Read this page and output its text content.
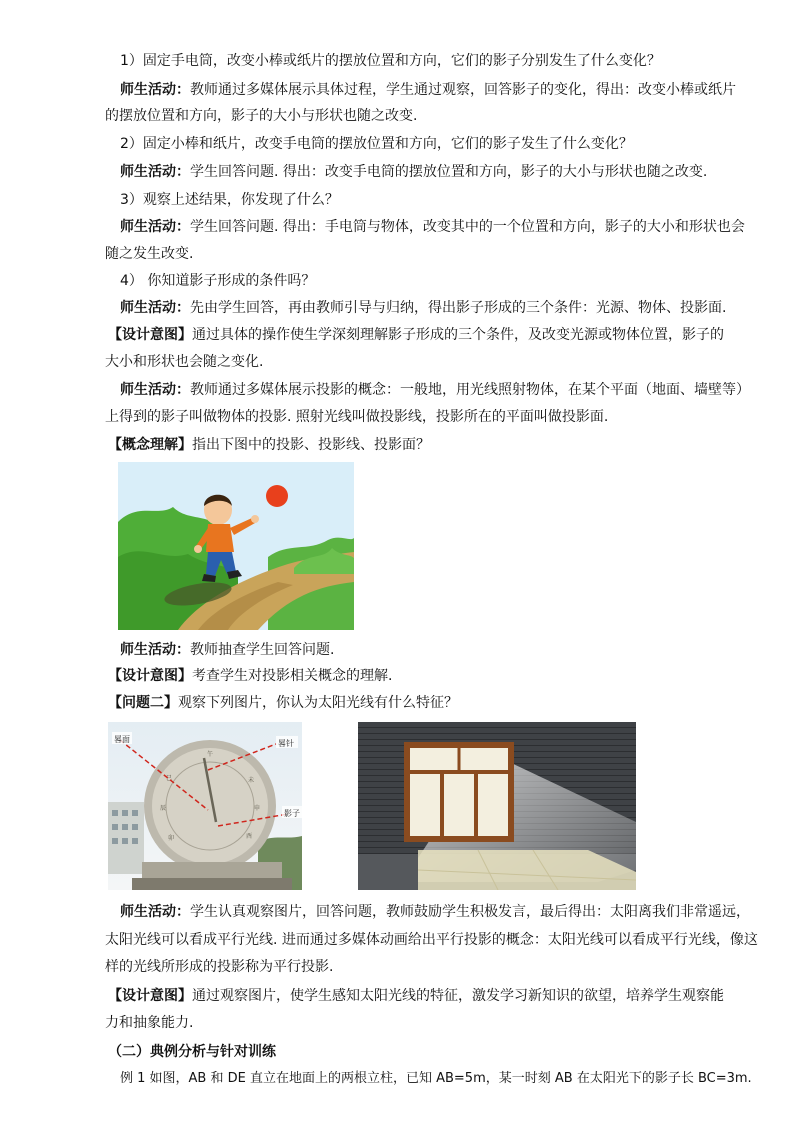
1）固定手电筒，改变小棒或纸片的摆放位置和方向，它们的影子分别发生了什么变化？
师生活动：教师通过多媒体展示具体过程，学生通过观察，回答影子的变化，得出：改变小棒或纸片
的摆放位置和方向，影子的大小与形状也随之改变.
2）固定小棒和纸片，改变手电筒的摆放位置和方向，它们的影子发生了什么变化？
师生活动：学生回答问题. 得出：改变手电筒的摆放位置和方向，影子的大小与形状也随之改变.
3）观察上述结果，你发现了什么？
师生活动：学生回答问题. 得出：手电筒与物体，改变其中的一个位置和方向，影子的大小和形状也会
随之发生改变.
4） 你知道影子形成的条件吗？
师生活动：先由学生回答，再由教师引导与归纳，得出影子形成的三个条件：光源、物体、投影面.
【设计意图】通过具体的操作使生学深刻理解影子形成的三个条件，及改变光源或物体位置，影子的
大小和形状也会随之变化.
师生活动：教师通过多媒体展示投影的概念：一般地，用光线照射物体，在某个平面（地面、墙壁等）
上得到的影子叫做物体的投影. 照射光线叫做投影线，投影所在的平面叫做投影面.
【概念理解】指出下图中的投影、投影线、投影面？
师生活动：教师抽查学生回答问题.
【设计意图】考查学生对投影相关概念的理解.
【问题二】观察下列图片，你认为太阳光线有什么特征？
午
未
申
酉
巳
辰
卯
晷面	晷针
影子
师生活动：学生认真观察图片，回答问题，教师鼓励学生积极发言，最后得出：太阳离我们非常遥远，
太阳光线可以看成平行光线. 进而通过多媒体动画给出平行投影的概念：太阳光线可以看成平行光线，像这
样的光线所形成的投影称为平行投影.
【设计意图】通过观察图片，使学生感知太阳光线的特征，激发学习新知识的欲望，培养学生观察能
力和抽象能力.
（二）典例分析与针对训练
例 1 如图，AB 和 DE 直立在地面上的两根立柱，已知 AB=5m，某一时刻 AB 在太阳光下的影子长 BC=3m.
